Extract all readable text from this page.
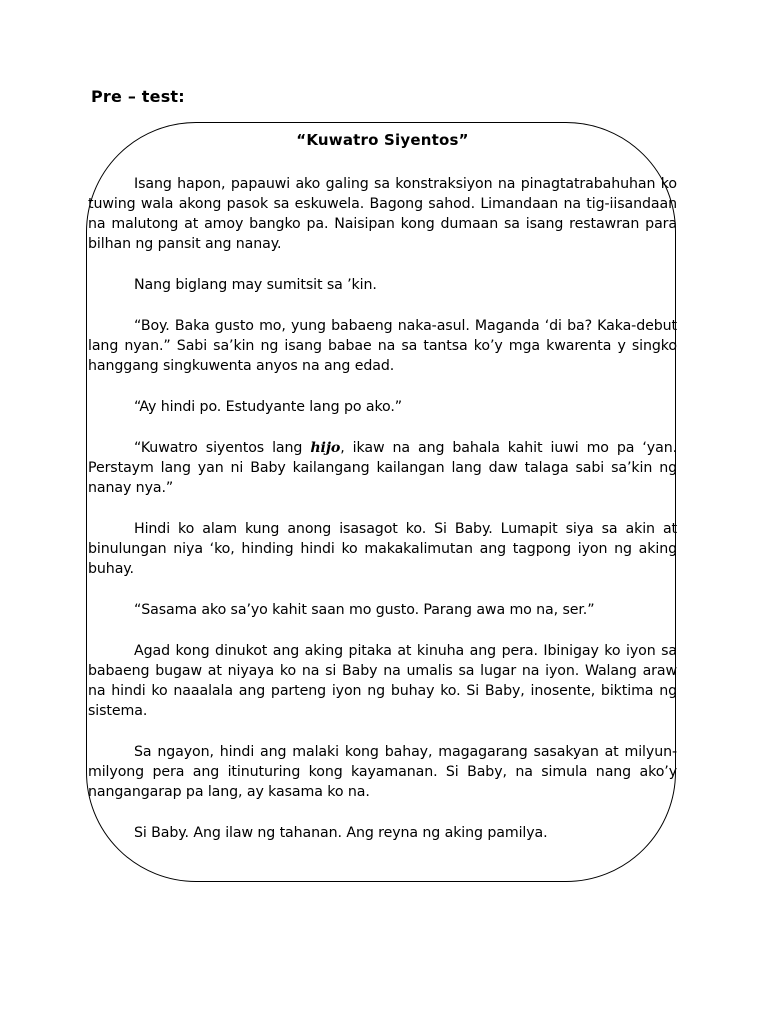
Pre – test:
“Kuwatro Siyentos”

Isang hapon, papauwi ako galing sa konstraksiyon na pinagtatrabahuhan ko tuwing wala akong pasok sa eskuwela. Bagong sahod. Limandaan na tig-iisandaan na malutong at amoy bangko pa. Naisipan kong dumaan sa isang restawran para bilhan ng pansit ang nanay.

Nang biglang may sumitsit sa ’kin.

“Boy. Baka gusto mo, yung babaeng naka-asul. Maganda ‘di ba? Kaka-debut lang nyan.” Sabi sa’kin ng isang babae na sa tantsa ko’y mga kwarenta y singko hanggang singkuwenta anyos na ang edad.

“Ay hindi po. Estudyante lang po ako.”

“Kuwatro siyentos lang hijo, ikaw na ang bahala kahit iuwi mo pa ‘yan. Perstaym lang yan ni Baby kailangang kailangan lang daw talaga sabi sa’kin ng nanay nya.”

Hindi ko alam kung anong isasagot ko. Si Baby. Lumapit siya sa akin at binulungan niya ‘ko, hinding hindi ko makakalimutan ang tagpong iyon ng aking buhay.

“Sasama ako sa’yo kahit saan mo gusto. Parang awa mo na, ser.”

Agad kong dinukot ang aking pitaka at kinuha ang pera. Ibinigay ko iyon sa babaeng bugaw at niyaya ko na si Baby na umalis sa lugar na iyon. Walang araw na hindi ko naaalala ang parteng iyon ng buhay ko. Si Baby, inosente, biktima ng sistema.

Sa ngayon, hindi ang malaki kong bahay, magagarang sasakyan at milyun-milyong pera ang itinuturing kong kayamanan. Si Baby, na simula nang ako’y nangangarap pa lang, ay kasama ko na.

Si Baby. Ang ilaw ng tahanan. Ang reyna ng aking pamilya.
